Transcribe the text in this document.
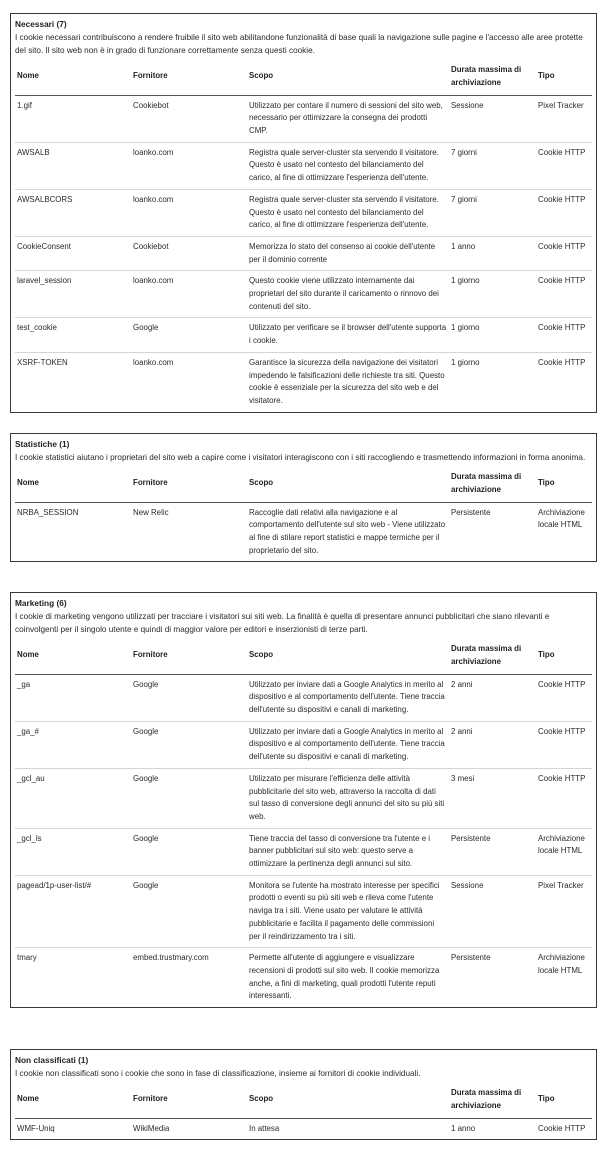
Necessari (7)
I cookie necessari contribuiscono a rendere fruibile il sito web abilitandone funzionalità di base quali la navigazione sulle pagine e l'accesso alle aree protette del sito. Il sito web non è in grado di funzionare correttamente senza questi cookie.
Nome	Fornitore	Scopo	Durata massima di archiviazione	Tipo
1.gif	Cookiebot	Utilizzato per contare il numero di sessioni del sito web, necessario per ottimizzare la consegna dei prodotti CMP.	Sessione	Pixel Tracker
AWSALB	loanko.com	Registra quale server-cluster sta servendo il visitatore. Questo è usato nel contesto del bilanciamento del carico, al fine di ottimizzare l'esperienza dell'utente.	7 giorni	Cookie HTTP
AWSALBCORS	loanko.com	Registra quale server-cluster sta servendo il visitatore. Questo è usato nel contesto del bilanciamento del carico, al fine di ottimizzare l'esperienza dell'utente.	7 giorni	Cookie HTTP
CookieConsent	Cookiebot	Memorizza lo stato del consenso ai cookie dell'utente per il dominio corrente	1 anno	Cookie HTTP
laravel_session	loanko.com	Questo cookie viene utilizzato internamente dai proprietari del sito durante il caricamento o rinnovo dei contenuti del sito.	1 giorno	Cookie HTTP
test_cookie	Google	Utilizzato per verificare se il browser dell'utente supporta i cookie.	1 giorno	Cookie HTTP
XSRF-TOKEN	loanko.com	Garantisce la sicurezza della navigazione dei visitatori impedendo le falsificazioni delle richieste tra siti. Questo cookie è essenziale per la sicurezza del sito web e del visitatore.	1 giorno	Cookie HTTP
Statistiche (1)
I cookie statistici aiutano i proprietari del sito web a capire come i visitatori interagiscono con i siti raccogliendo e trasmettendo informazioni in forma anonima.
Nome	Fornitore	Scopo	Durata massima di archiviazione	Tipo
NRBA_SESSION	New Relic	Raccoglie dati relativi alla navigazione e al comportamento dell'utente sul sito web - Viene utilizzato al fine di stilare report statistici e mappe termiche per il proprietario del sito.	Persistente	Archiviazione locale HTML
Marketing (6)
I cookie di marketing vengono utilizzati per tracciare i visitatori sui siti web. La finalità è quella di presentare annunci pubblicitari che siano rilevanti e coinvolgenti per il singolo utente e quindi di maggior valore per editori e inserzionisti di terze parti.
Nome	Fornitore	Scopo	Durata massima di archiviazione	Tipo
_ga	Google	Utilizzato per inviare dati a Google Analytics in merito al dispositivo e al comportamento dell'utente. Tiene traccia dell'utente su dispositivi e canali di marketing.	2 anni	Cookie HTTP
_ga_#	Google	Utilizzato per inviare dati a Google Analytics in merito al dispositivo e al comportamento dell'utente. Tiene traccia dell'utente su dispositivi e canali di marketing.	2 anni	Cookie HTTP
_gcl_au	Google	Utilizzato per misurare l'efficienza delle attività pubblicitarie del sito web, attraverso la raccolta di dati sul tasso di conversione degli annunci del sito su più siti web.	3 mesi	Cookie HTTP
_gcl_ls	Google	Tiene traccia del tasso di conversione tra l'utente e i banner pubblicitari sul sito web: questo serve a ottimizzare la pertinenza degli annunci sul sito.	Persistente	Archiviazione locale HTML
pagead/1p-user-list/#	Google	Monitora se l'utente ha mostrato interesse per specifici prodotti o eventi su più siti web e rileva come l'utente naviga tra i siti. Viene usato per valutare le attività pubblicitarie e facilita il pagamento delle commissioni per il reindirizzamento tra i siti.	Sessione	Pixel Tracker
tmary	embed.trustmary.com	Permette all'utente di aggiungere e visualizzare recensioni di prodotti sul sito web. Il cookie memorizza anche, a fini di marketing, quali prodotti l'utente reputi interessanti.	Persistente	Archiviazione locale HTML
Non classificati (1)
I cookie non classificati sono i cookie che sono in fase di classificazione, insieme ai fornitori di cookie individuali.
Nome	Fornitore	Scopo	Durata massima di archiviazione	Tipo
WMF-Uniq	WikiMedia	In attesa	1 anno	Cookie HTTP
